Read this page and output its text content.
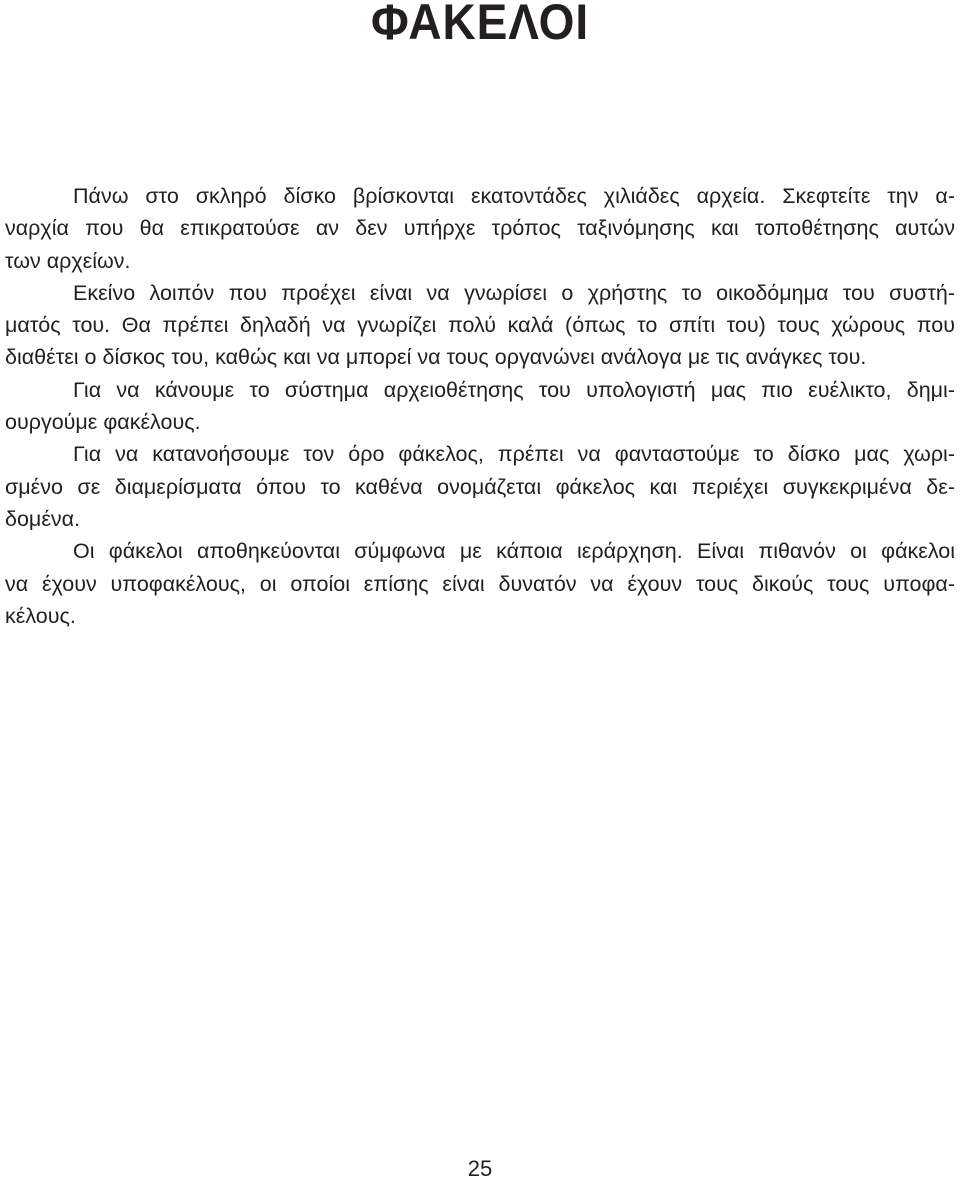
ΦΑΚΕΛΟΙ
Πάνω στο σκληρό δίσκο βρίσκονται εκατοντάδες χιλιάδες αρχεία. Σκεφτείτε την α-
ναρχία που θα επικρατούσε αν δεν υπήρχε τρόπος ταξινόμησης και τοποθέτησης αυτών
των αρχείων.
Εκείνο λοιπόν που προέχει είναι να γνωρίσει ο χρήστης το οικοδόμημα του συστή-
ματός του. Θα πρέπει δηλαδή να γνωρίζει πολύ καλά (όπως το σπίτι του) τους χώρους που
διαθέτει ο δίσκος του, καθώς και να μπορεί να τους οργανώνει ανάλογα με τις ανάγκες του.
Για να κάνουμε το σύστημα αρχειοθέτησης του υπολογιστή μας πιο ευέλικτο, δημι-
ουργούμε φακέλους.
Για να κατανοήσουμε τον όρο φάκελος, πρέπει να φανταστούμε το δίσκο μας χωρι-
σμένο σε διαμερίσματα όπου το καθένα ονομάζεται φάκελος και περιέχει συγκεκριμένα δε-
δομένα.
Οι φάκελοι αποθηκεύονται σύμφωνα με κάποια ιεράρχηση. Είναι πιθανόν οι φάκελοι
να έχουν υποφακέλους, οι οποίοι επίσης είναι δυνατόν να έχουν τους δικούς τους υποφα-
κέλους.
25
